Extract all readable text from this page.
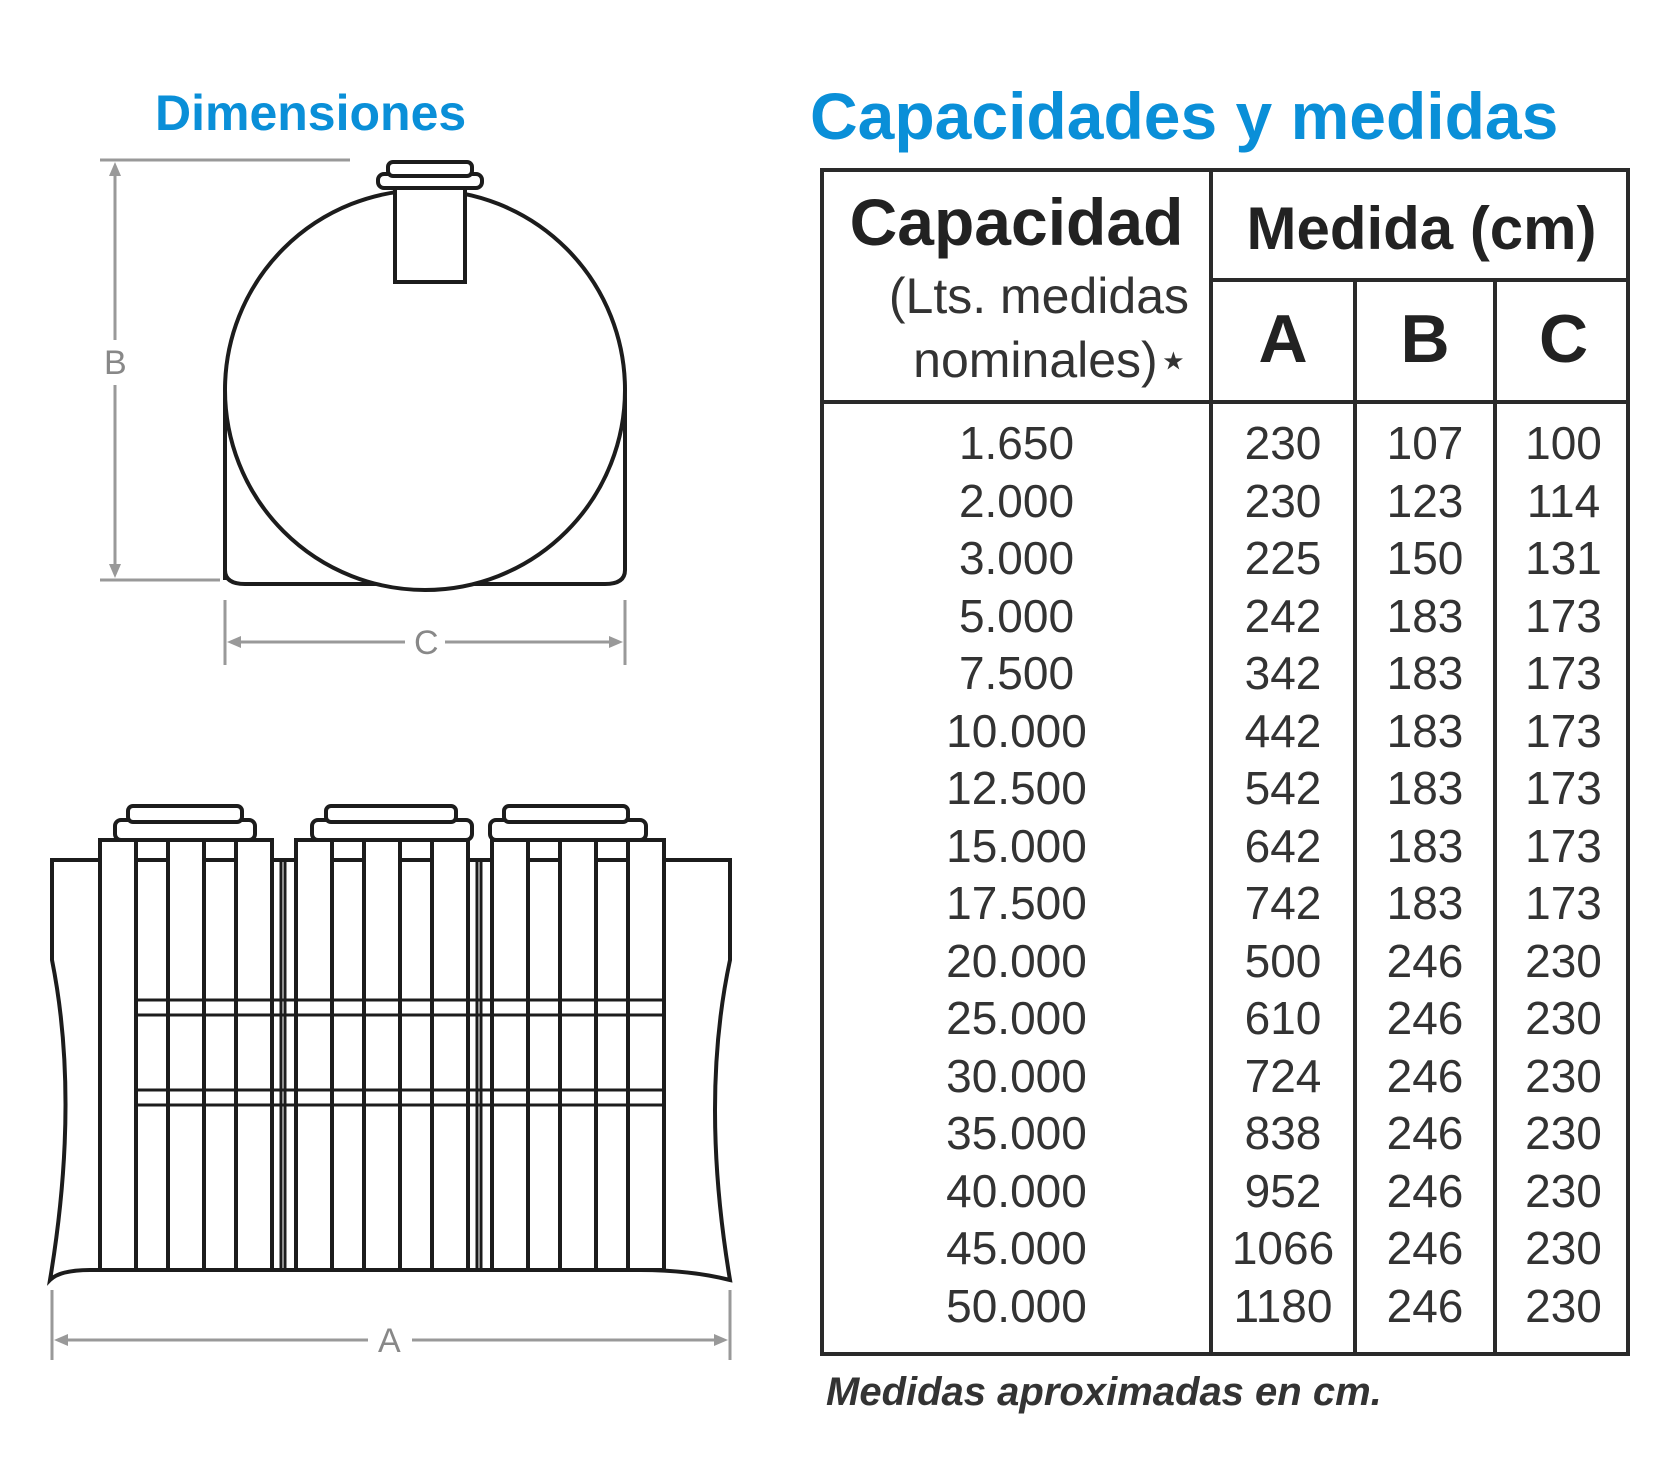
Dimensiones	Capacidades y medidas
B
C
A
Capacidad
(Lts. medidas nominales)⋆
Medida (cm)
A	B	C
1.650	230	107	100
2.000	230	123	114
3.000	225	150	131
5.000	242	183	173
7.500	342	183	173
10.000	442	183	173
12.500	542	183	173
15.000	642	183	173
17.500	742	183	173
20.000	500	246	230
25.000	610	246	230
30.000	724	246	230
35.000	838	246	230
40.000	952	246	230
45.000	1066	246	230
50.000	1180	246	230
Medidas aproximadas en cm.
